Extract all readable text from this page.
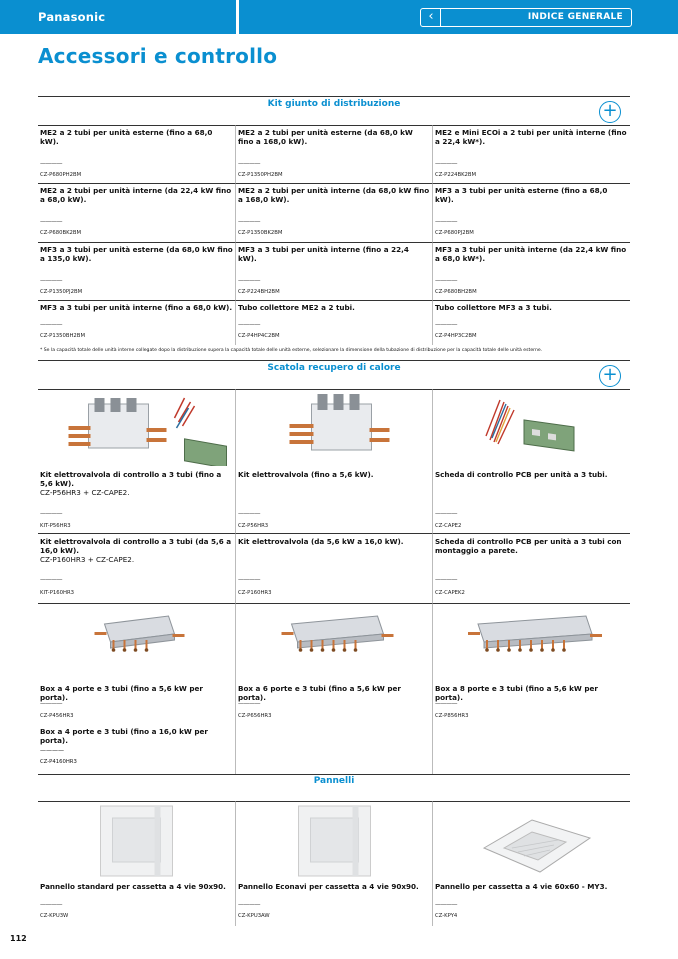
Panasonic	‹	INDICE GENERALE
Accessori e controllo
Kit giunto di distribuzione	+
ME2 a 2 tubi per unità esterne (fino a 68,0 kW).
————
CZ-P680PH2BM
ME2 a 2 tubi per unità esterne (da 68,0 kW fino a 168,0 kW).
————
CZ-P1350PH2BM
ME2 e Mini ECOi a 2 tubi per unità interne (fino a 22,4 kW*).
————
CZ-P224BK2BM
ME2 a 2 tubi per unità interne (da 22,4 kW fino a 68,0 kW).
————
CZ-P680BK2BM
ME2 a 2 tubi per unità interne (da 68,0 kW fino a 168,0 kW).
————
CZ-P1350BK2BM
MF3 a 3 tubi per unità esterne (fino a 68,0 kW).
————
CZ-P680PJ2BM
MF3 a 3 tubi per unità esterne (da 68,0 kW fino a 135,0 kW).
————
CZ-P1350PJ2BM
MF3 a 3 tubi per unità interne (fino a 22,4 kW).
————
CZ-P224BH2BM
MF3 a 3 tubi per unità interne (da 22,4 kW fino a 68,0 kW*).
————
CZ-P680BH2BM
MF3 a 3 tubi per unità interne (fino a 68,0 kW).
————
CZ-P1350BH2BM
Tubo collettore ME2 a 2 tubi.
————
CZ-P4HP4C2BM
Tubo collettore MF3 a 3 tubi.
————
CZ-P4HP3C2BM
* Se la capacità totale delle unità interne collegate dopo la distribuzione supera la capacità totale delle unità esterne, selezionare la dimensione della tubazione di distribuzione per la capacità totale delle unità esterne.
Scatola recupero di calore	+
Kit elettrovalvola di controllo a 3 tubi (fino a 5,6 kW).
CZ-P56HR3 + CZ-CAPE2.
————
KIT-P56HR3
Kit elettrovalvola (fino a 5,6 kW).
————
CZ-P56HR3
Scheda di controllo PCB per unità a 3 tubi.
————
CZ-CAPE2
Kit elettrovalvola di controllo a 3 tubi (da 5,6 a 16,0 kW).
CZ-P160HR3 + CZ-CAPE2.
————
KIT-P160HR3
Kit elettrovalvola (da 5,6 kW a 16,0 kW).
————
CZ-P160HR3
Scheda di controllo PCB per unità a 3 tubi con montaggio a parete.
————
CZ-CAPEK2
Box a 4 porte e 3 tubi (fino a 5,6 kW per porta).
————
CZ-P456HR3
Box a 6 porte e 3 tubi (fino a 5,6 kW per porta).
————
CZ-P656HR3
Box a 8 porte e 3 tubi (fino a 5,6 kW per porta).
————
CZ-P856HR3
Box a 4 porte e 3 tubi (fino a 16,0 kW per porta).
————
CZ-P4160HR3
Pannelli
Pannello standard per cassetta a 4 vie 90x90.
————
CZ-KPU3W
Pannello Econavi per cassetta a 4 vie 90x90.
————
CZ-KPU3AW
Pannello per cassetta a 4 vie 60x60 - MY3.
————
CZ-KPY4
112
